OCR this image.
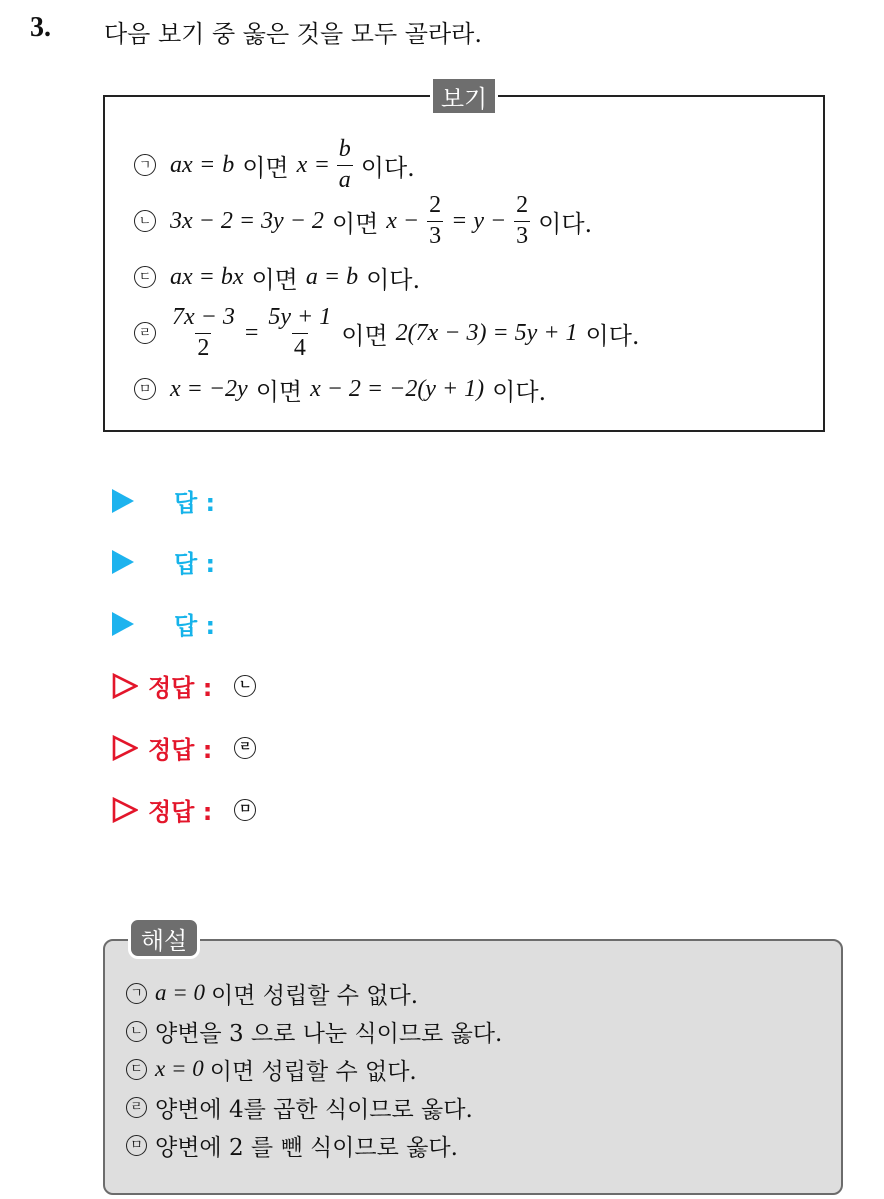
3. 다음 보기 중 옳은 것을 모두 골라라.
보기
ㄱ ax = b 이면 $x = \frac{b}{a}$ 이다.
ㄴ 3x − 2 = 3y − 2 이면 $x - \frac{2}{3} = y - \frac{2}{3}$ 이다.
ㄷ ax = bx 이면 a = b 이다.
ㄹ $\frac{7x - 3}{2} = \frac{5y + 1}{4}$ 이면 2(7x − 3) = 5y + 1 이다.
ㅁ x = −2y 이면 x − 2 = −2(y + 1) 이다.
답 :
답 :
답 :
정답 :	ㄴ
정답 :	ㄹ
정답 :	ㅁ
해설
ㄱ a = 0 이면 성립할 수 없다.
ㄴ 양변을 3 으로 나눈 식이므로 옳다.
ㄷ x = 0 이면 성립할 수 없다.
ㄹ 양변에 4를 곱한 식이므로 옳다.
ㅁ 양변에 2 를 뺀 식이므로 옳다.
